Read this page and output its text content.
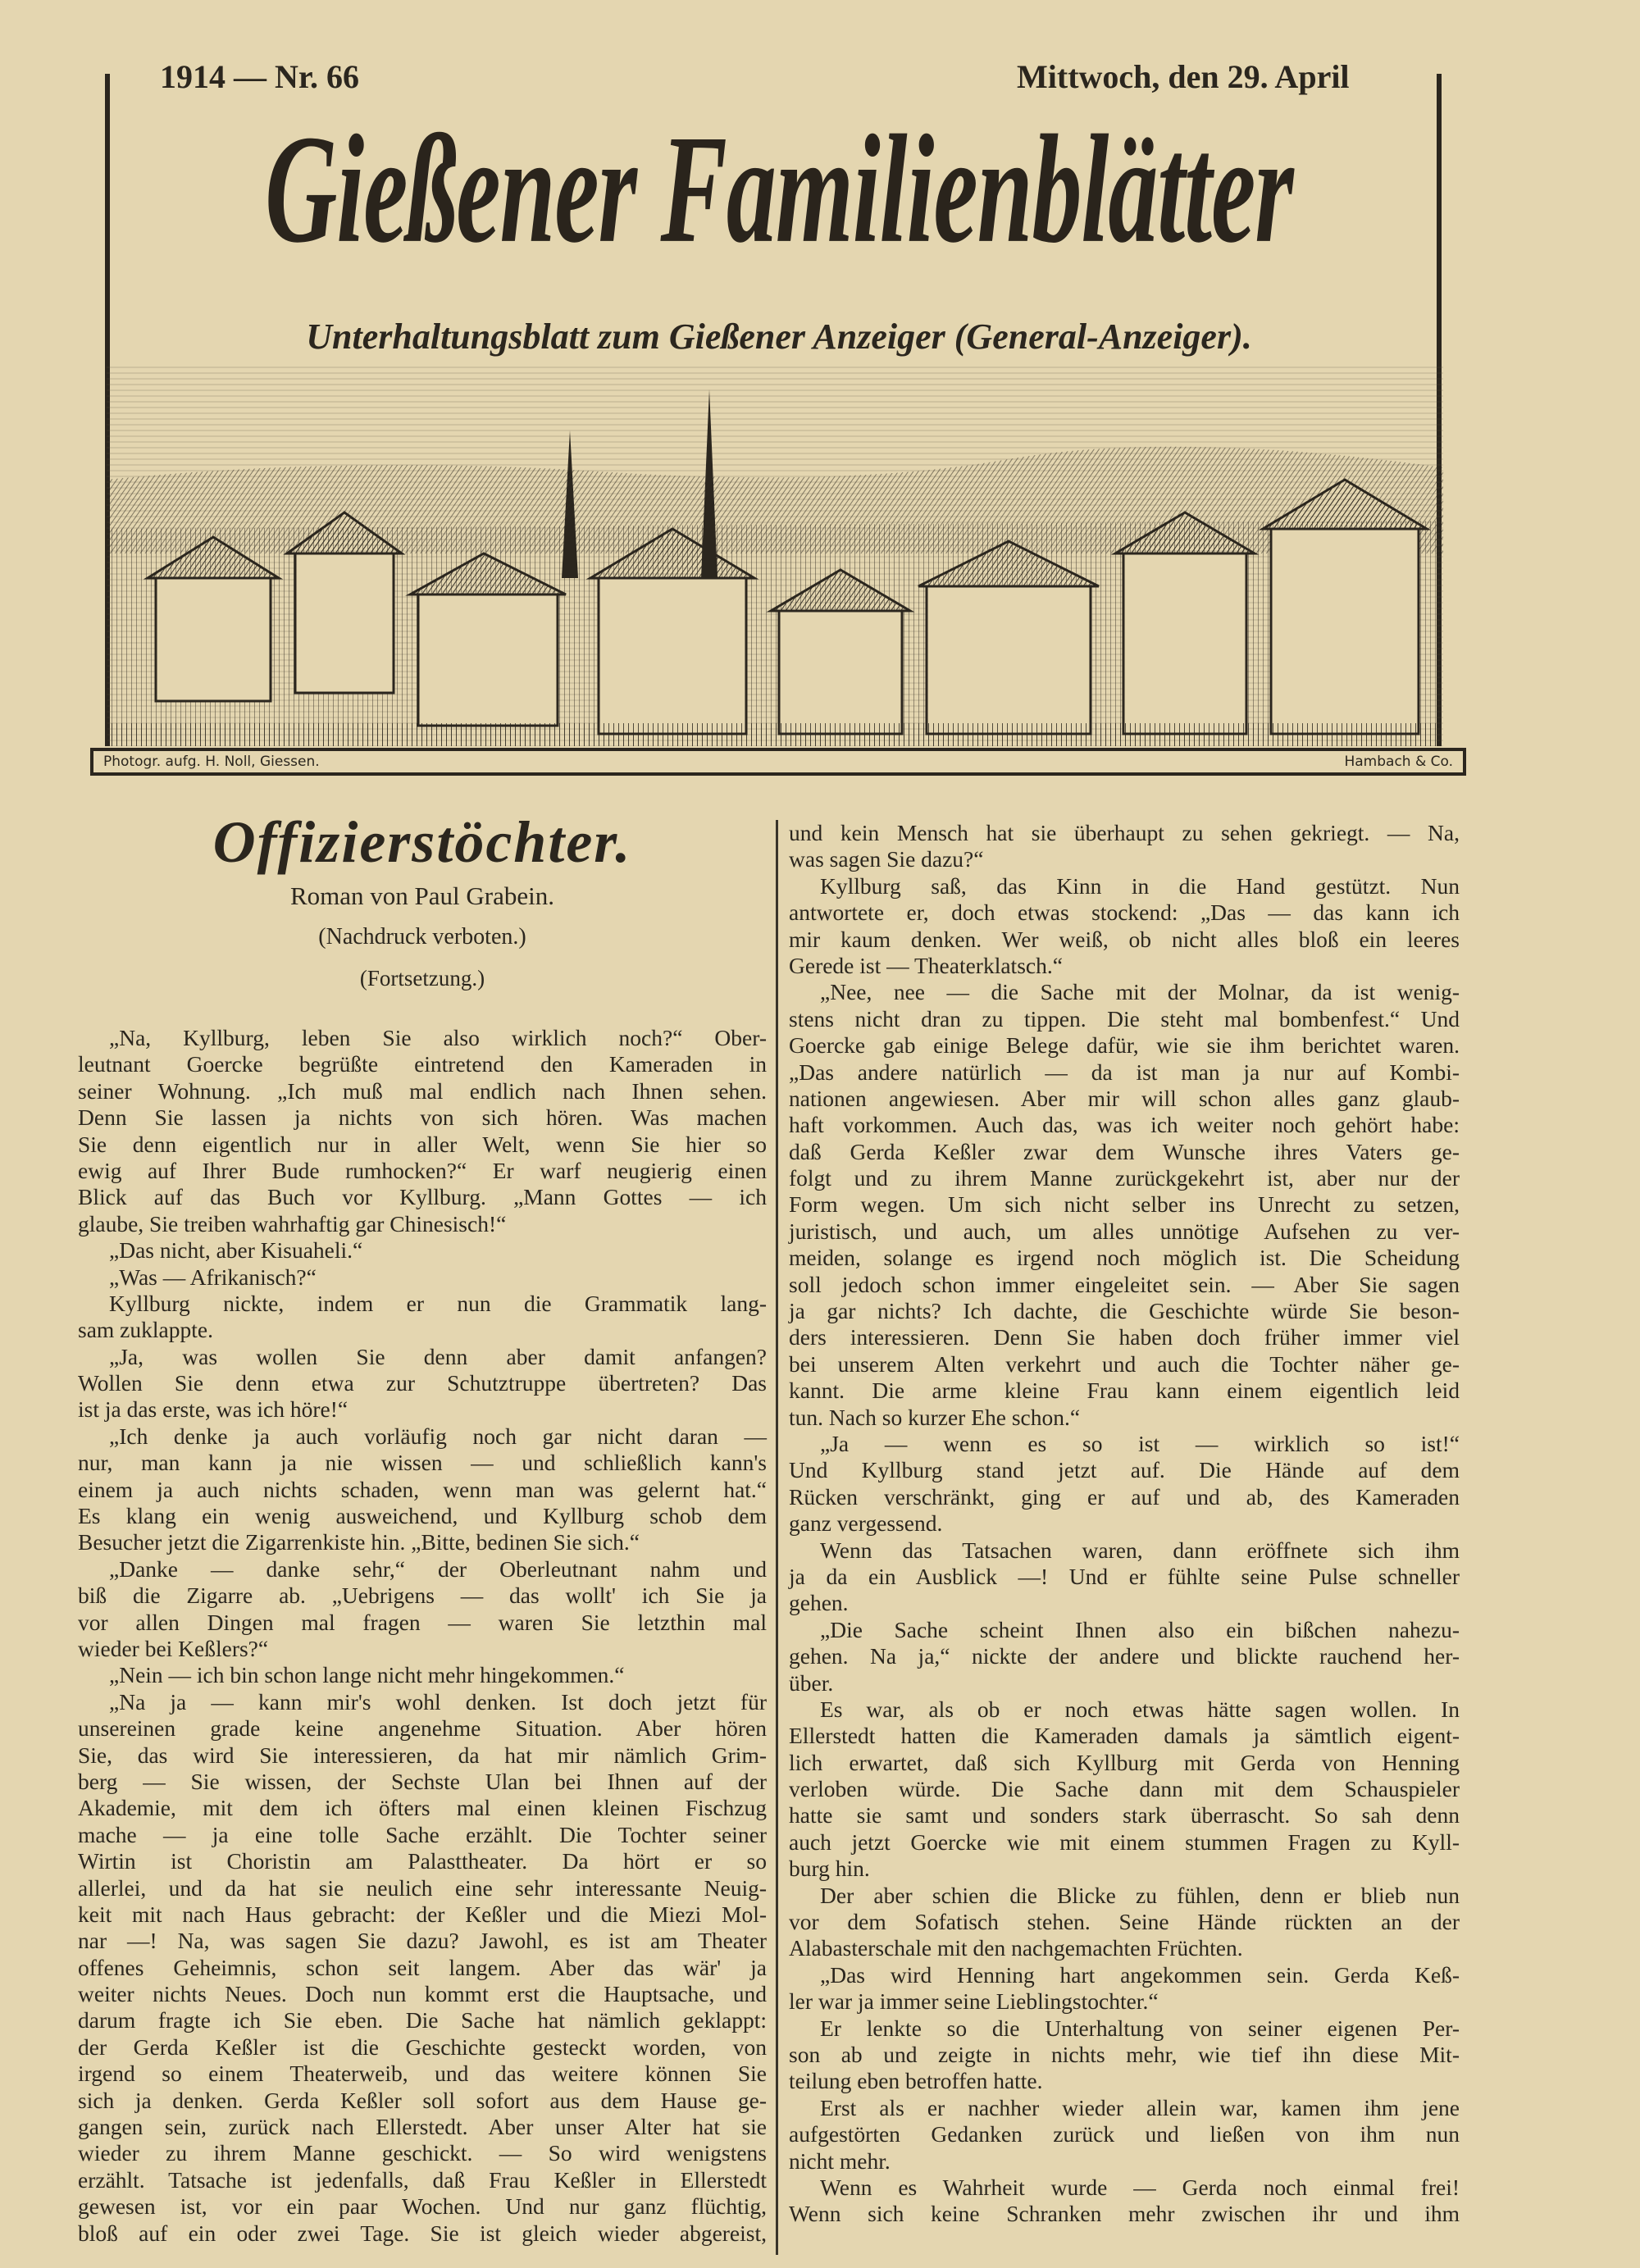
1914 — Nr. 66	Mittwoch, den 29. April
Gießener Familienblätter
Unterhaltungsblatt zum Gießener Anzeiger (General-Anzeiger).
Photogr. aufg. H. Noll, Giessen.	Hambach & Co.
Offizierstöchter.
Roman von Paul Grabein.
(Nachdruck verboten.)
(Fortsetzung.)
„Na, Kyllburg, leben Sie also wirklich noch?“ Ober-
leutnant Goercke begrüßte eintretend den Kameraden in
seiner Wohnung. „Ich muß mal endlich nach Ihnen sehen.
Denn Sie lassen ja nichts von sich hören. Was machen
Sie denn eigentlich nur in aller Welt, wenn Sie hier so
ewig auf Ihrer Bude rumhocken?“ Er warf neugierig einen
Blick auf das Buch vor Kyllburg. „Mann Gottes — ich
glaube, Sie treiben wahrhaftig gar Chinesisch!“
„Das nicht, aber Kisuaheli.“
„Was — Afrikanisch?“
Kyllburg nickte, indem er nun die Grammatik lang-
sam zuklappte.
„Ja, was wollen Sie denn aber damit anfangen?
Wollen Sie denn etwa zur Schutztruppe übertreten? Das
ist ja das erste, was ich höre!“
„Ich denke ja auch vorläufig noch gar nicht daran —
nur, man kann ja nie wissen — und schließlich kann's
einem ja auch nichts schaden, wenn man was gelernt hat.“
Es klang ein wenig ausweichend, und Kyllburg schob dem
Besucher jetzt die Zigarrenkiste hin. „Bitte, bedinen Sie sich.“
„Danke — danke sehr,“ der Oberleutnant nahm und
biß die Zigarre ab. „Uebrigens — das wollt' ich Sie ja
vor allen Dingen mal fragen — waren Sie letzthin mal
wieder bei Keßlers?“
„Nein — ich bin schon lange nicht mehr hingekommen.“
„Na ja — kann mir's wohl denken. Ist doch jetzt für
unsereinen grade keine angenehme Situation. Aber hören
Sie, das wird Sie interessieren, da hat mir nämlich Grim-
berg — Sie wissen, der Sechste Ulan bei Ihnen auf der
Akademie, mit dem ich öfters mal einen kleinen Fischzug
mache — ja eine tolle Sache erzählt. Die Tochter seiner
Wirtin ist Choristin am Palasttheater. Da hört er so
allerlei, und da hat sie neulich eine sehr interessante Neuig-
keit mit nach Haus gebracht: der Keßler und die Miezi Mol-
nar —! Na, was sagen Sie dazu? Jawohl, es ist am Theater
offenes Geheimnis, schon seit langem. Aber das wär' ja
weiter nichts Neues. Doch nun kommt erst die Hauptsache, und
darum fragte ich Sie eben. Die Sache hat nämlich geklappt:
der Gerda Keßler ist die Geschichte gesteckt worden, von
irgend so einem Theaterweib, und das weitere können Sie
sich ja denken. Gerda Keßler soll sofort aus dem Hause ge-
gangen sein, zurück nach Ellerstedt. Aber unser Alter hat sie
wieder zu ihrem Manne geschickt. — So wird wenigstens
erzählt. Tatsache ist jedenfalls, daß Frau Keßler in Ellerstedt
gewesen ist, vor ein paar Wochen. Und nur ganz flüchtig,
bloß auf ein oder zwei Tage. Sie ist gleich wieder abgereist,
und kein Mensch hat sie überhaupt zu sehen gekriegt. — Na,
was sagen Sie dazu?“
Kyllburg saß, das Kinn in die Hand gestützt. Nun
antwortete er, doch etwas stockend: „Das — das kann ich
mir kaum denken. Wer weiß, ob nicht alles bloß ein leeres
Gerede ist — Theaterklatsch.“
„Nee, nee — die Sache mit der Molnar, da ist wenig-
stens nicht dran zu tippen. Die steht mal bombenfest.“ Und
Goercke gab einige Belege dafür, wie sie ihm berichtet waren.
„Das andere natürlich — da ist man ja nur auf Kombi-
nationen angewiesen. Aber mir will schon alles ganz glaub-
haft vorkommen. Auch das, was ich weiter noch gehört habe:
daß Gerda Keßler zwar dem Wunsche ihres Vaters ge-
folgt und zu ihrem Manne zurückgekehrt ist, aber nur der
Form wegen. Um sich nicht selber ins Unrecht zu setzen,
juristisch, und auch, um alles unnötige Aufsehen zu ver-
meiden, solange es irgend noch möglich ist. Die Scheidung
soll jedoch schon immer eingeleitet sein. — Aber Sie sagen
ja gar nichts? Ich dachte, die Geschichte würde Sie beson-
ders interessieren. Denn Sie haben doch früher immer viel
bei unserem Alten verkehrt und auch die Tochter näher ge-
kannt. Die arme kleine Frau kann einem eigentlich leid
tun. Nach so kurzer Ehe schon.“
„Ja — wenn es so ist — wirklich so ist!“
Und Kyllburg stand jetzt auf. Die Hände auf dem
Rücken verschränkt, ging er auf und ab, des Kameraden
ganz vergessend.
Wenn das Tatsachen waren, dann eröffnete sich ihm
ja da ein Ausblick —! Und er fühlte seine Pulse schneller
gehen.
„Die Sache scheint Ihnen also ein bißchen nahezu-
gehen. Na ja,“ nickte der andere und blickte rauchend her-
über.
Es war, als ob er noch etwas hätte sagen wollen. In
Ellerstedt hatten die Kameraden damals ja sämtlich eigent-
lich erwartet, daß sich Kyllburg mit Gerda von Henning
verloben würde. Die Sache dann mit dem Schauspieler
hatte sie samt und sonders stark überrascht. So sah denn
auch jetzt Goercke wie mit einem stummen Fragen zu Kyll-
burg hin.
Der aber schien die Blicke zu fühlen, denn er blieb nun
vor dem Sofatisch stehen. Seine Hände rückten an der
Alabasterschale mit den nachgemachten Früchten.
„Das wird Henning hart angekommen sein. Gerda Keß-
ler war ja immer seine Lieblingstochter.“
Er lenkte so die Unterhaltung von seiner eigenen Per-
son ab und zeigte in nichts mehr, wie tief ihn diese Mit-
teilung eben betroffen hatte.
Erst als er nachher wieder allein war, kamen ihm jene
aufgestörten Gedanken zurück und ließen von ihm nun
nicht mehr.
Wenn es Wahrheit wurde — Gerda noch einmal frei!
Wenn sich keine Schranken mehr zwischen ihr und ihm
